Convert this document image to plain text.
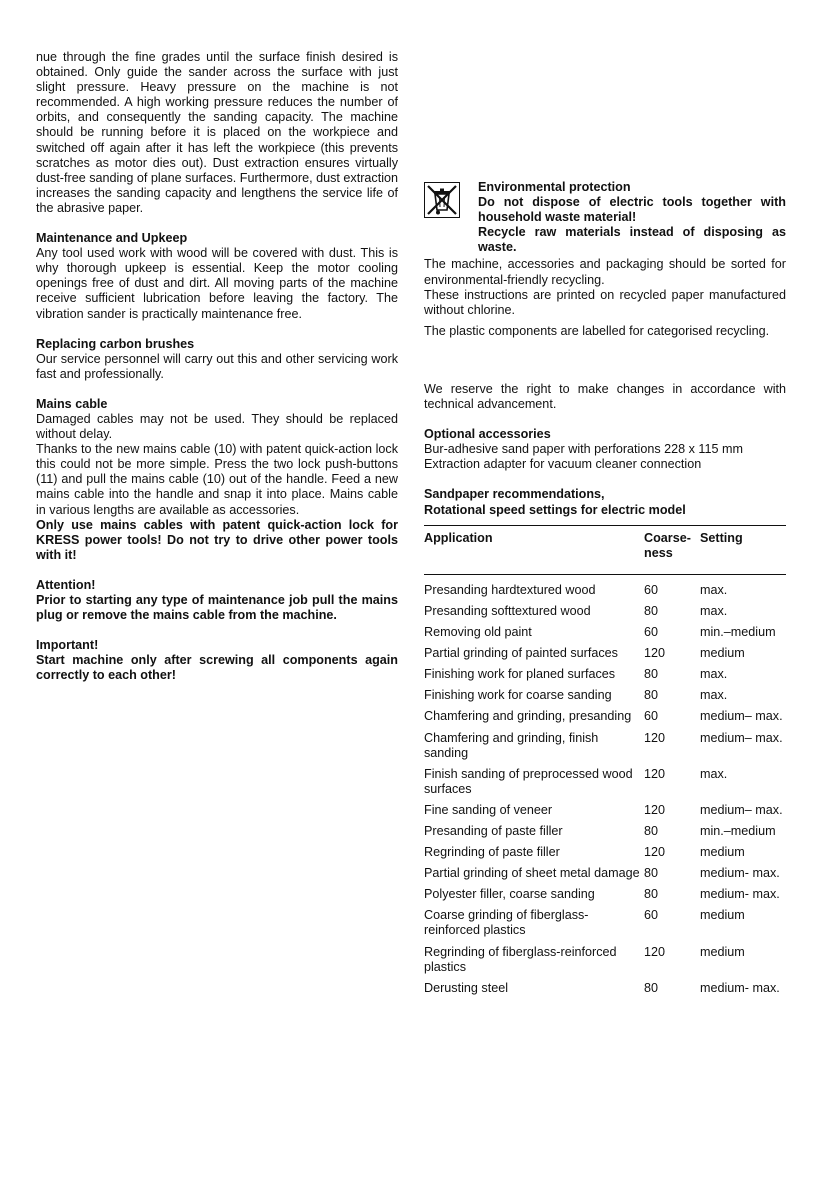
nue through the fine grades until the surface finish desired is obtained. Only guide the sander across the surface with just slight pressure. Heavy pressure on the machine is not recommended. A high working pressure reduces the number of orbits, and consequently the sanding capacity. The machine should be running before it is placed on the workpiece and switched off again after it has left the workpiece (this prevents scratches as motor dies out). Dust extraction ensures virtually dust-free sanding of plane surfaces. Furthermore, dust extraction increases the sanding capacity and lengthens the service life of the abrasive paper.

Maintenance and Upkeep

Any tool used work with wood will be covered with dust. This is why thorough upkeep is essential. Keep the motor cooling openings free of dust and dirt. All moving parts of the machine receive sufficient lubrication before leaving the factory. The vibration sander is practically maintenance free.

Replacing carbon brushes

Our service personnel will carry out this and other servicing work fast and professionally.

Mains cable

Damaged cables may not be used. They should be replaced without delay.

Thanks to the new mains cable (10) with patent quick-action lock this could not be more simple. Press the two lock push-buttons (11) and pull the mains cable (10) out of the handle. Feed a new mains cable into the handle and snap it into place. Mains cable in various lengths are available as accessories.

Only use mains cables with patent quick-action lock for KRESS power tools! Do not try to drive other power tools with it!

Attention!

Prior to starting any type of maintenance job pull the mains plug or remove the mains cable from the machine.

Important!

Start machine only after screwing all components again correctly to each other!

Environmental protection

Do not dispose of electric tools together with household waste material!

Recycle raw materials instead of disposing as waste.

The machine, accessories and packaging should be sorted for environmental-friendly recycling.

These instructions are printed on recycled paper manufactured without chlorine.

The plastic components are labelled for categorised recycling.

We reserve the right to make changes in accordance with technical advancement.

Optional accessories

Bur-adhesive sand paper with perforations 228 x 115 mm

Extraction adapter for vacuum cleaner connection

Sandpaper recommendations,

Rotational speed settings for electric model

Application	Coarse-ness	Setting
Presanding hardtextured wood	60	max.
Presanding softtextured wood	80	max.
Removing old paint	60	min.–medium
Partial grinding of painted surfaces	120	medium
Finishing work for planed surfaces	80	max.
Finishing work for coarse sanding	80	max.
Chamfering and grinding, presanding	60	medium– max.
Chamfering and grinding, finish sanding	120	medium– max.
Finish sanding of preprocessed wood surfaces	120	max.
Fine sanding of veneer	120	medium– max.
Presanding of paste filler	80	min.–medium
Regrinding of paste filler	120	medium
Partial grinding of sheet metal damage	80	medium- max.
Polyester filler, coarse sanding	80	medium- max.
Coarse grinding of fiberglass-reinforced plastics	60	medium
Regrinding of fiberglass-reinforced plastics	120	medium
Derusting steel	80	medium- max.
